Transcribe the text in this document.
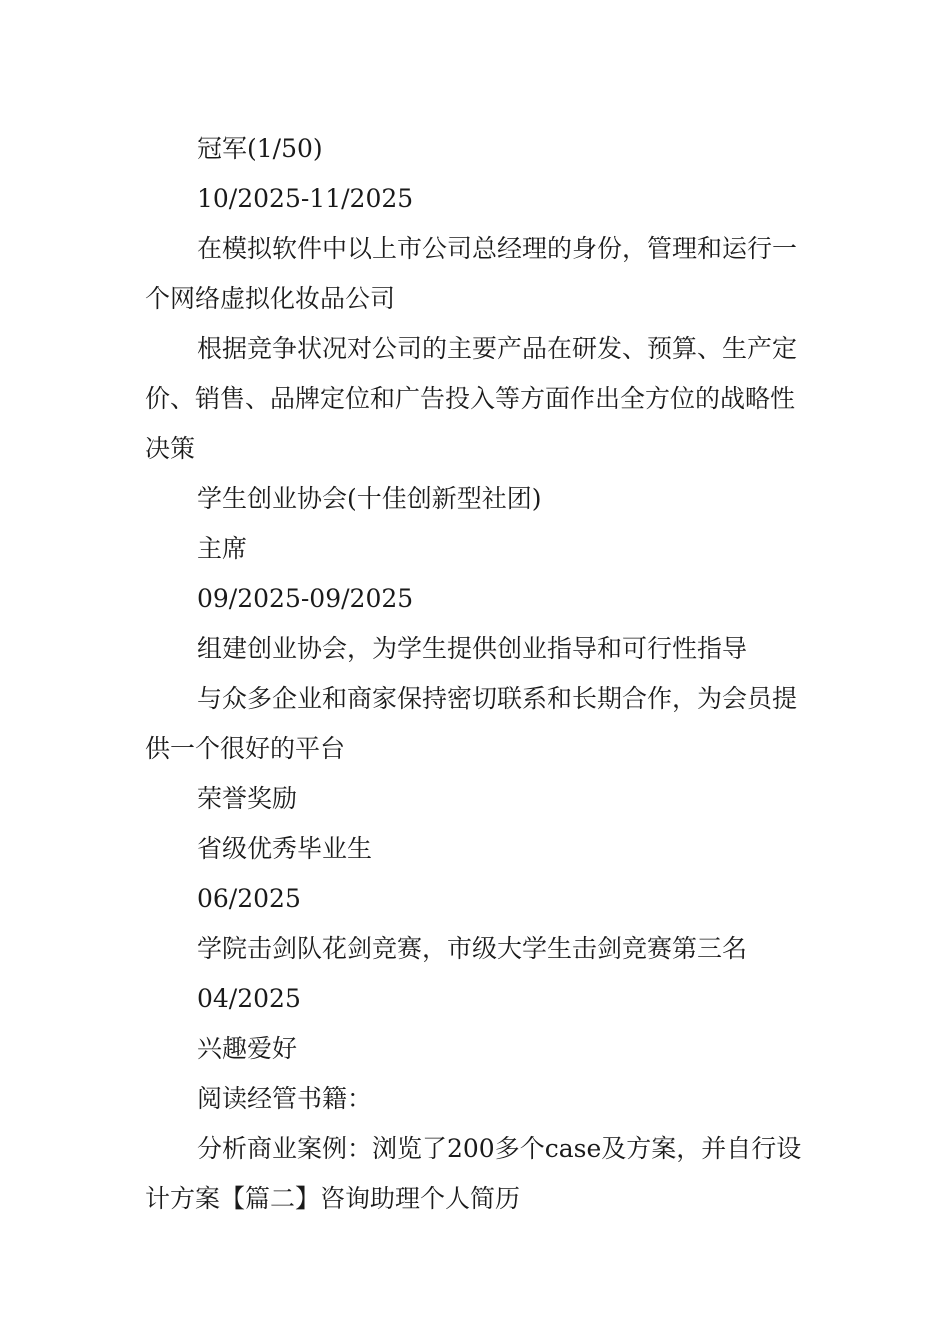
冠军(1/50)

10/2025-11/2025

在模拟软件中以上市公司总经理的身份，管理和运行一个网络虚拟化妆品公司

根据竞争状况对公司的主要产品在研发、预算、生产定价、销售、品牌定位和广告投入等方面作出全方位的战略性决策

学生创业协会(十佳创新型社团)

主席

09/2025-09/2025

组建创业协会，为学生提供创业指导和可行性指导

与众多企业和商家保持密切联系和长期合作，为会员提供一个很好的平台

荣誉奖励

省级优秀毕业生

06/2025

学院击剑队花剑竞赛，市级大学生击剑竞赛第三名

04/2025

兴趣爱好

阅读经管书籍：

分析商业案例：浏览了200多个case及方案，并自行设计方案【篇二】咨询助理个人简历
